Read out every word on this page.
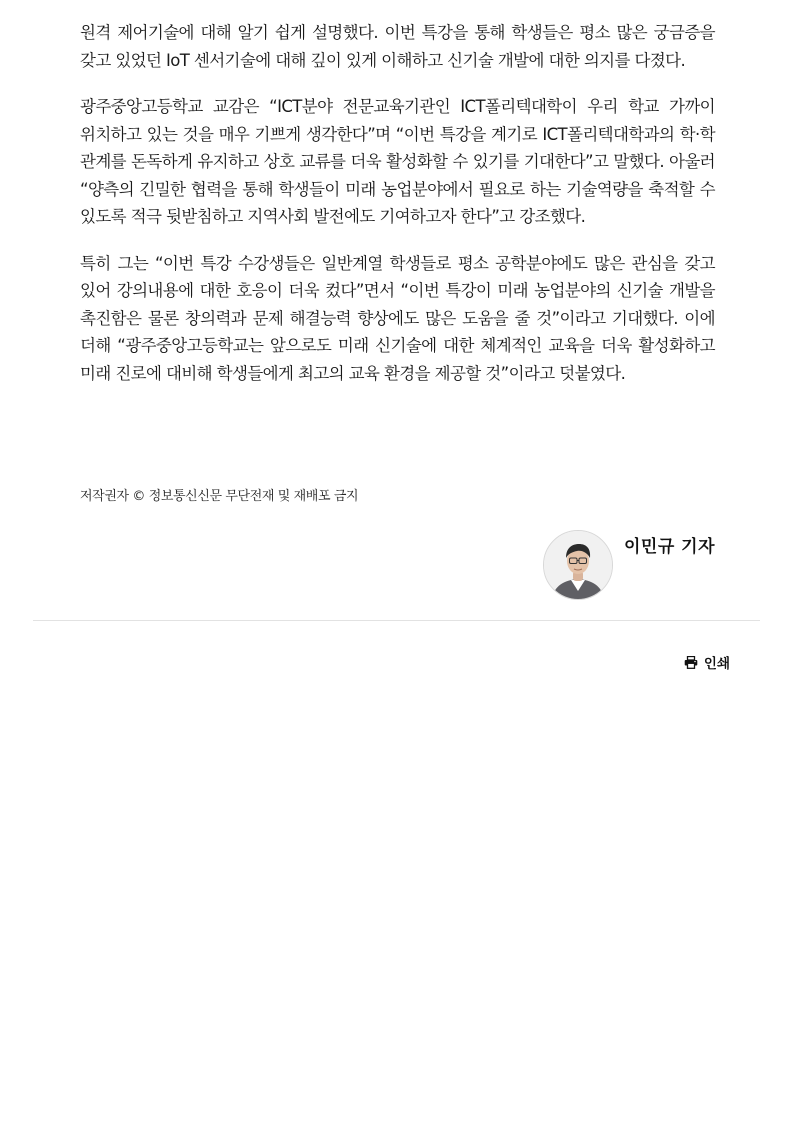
원격 제어기술에 대해 알기 쉽게 설명했다. 이번 특강을 통해 학생들은 평소 많은 궁금증을 갖고 있었던 IoT 센서기술에 대해 깊이 있게 이해하고 신기술 개발에 대한 의지를 다졌다.

광주중앙고등학교 교감은 “ICT분야 전문교육기관인 ICT폴리텍대학이 우리 학교 가까이 위치하고 있는 것을 매우 기쁘게 생각한다”며 “이번 특강을 계기로 ICT폴리텍대학과의 학·학 관계를 돈독하게 유지하고 상호 교류를 더욱 활성화할 수 있기를 기대한다”고 말했다. 아울러 “양측의 긴밀한 협력을 통해 학생들이 미래 농업분야에서 필요로 하는 기술역량을 축적할 수 있도록 적극 뒷받침하고 지역사회 발전에도 기여하고자 한다”고 강조했다.

특히 그는 “이번 특강 수강생들은 일반계열 학생들로 평소 공학분야에도 많은 관심을 갖고 있어 강의내용에 대한 호응이 더욱 컸다”면서 “이번 특강이 미래 농업분야의 신기술 개발을 촉진함은 물론 창의력과 문제 해결능력 향상에도 많은 도움을 줄 것”이라고 기대했다. 이에 더해 “광주중앙고등학교는 앞으로도 미래 신기술에 대한 체계적인 교육을 더욱 활성화하고 미래 진로에 대비해 학생들에게 최고의 교육 환경을 제공할 것”이라고 덧붙였다.

저작권자 © 정보통신신문 무단전재 및 재배포 금지
이민규 기자
인쇄
